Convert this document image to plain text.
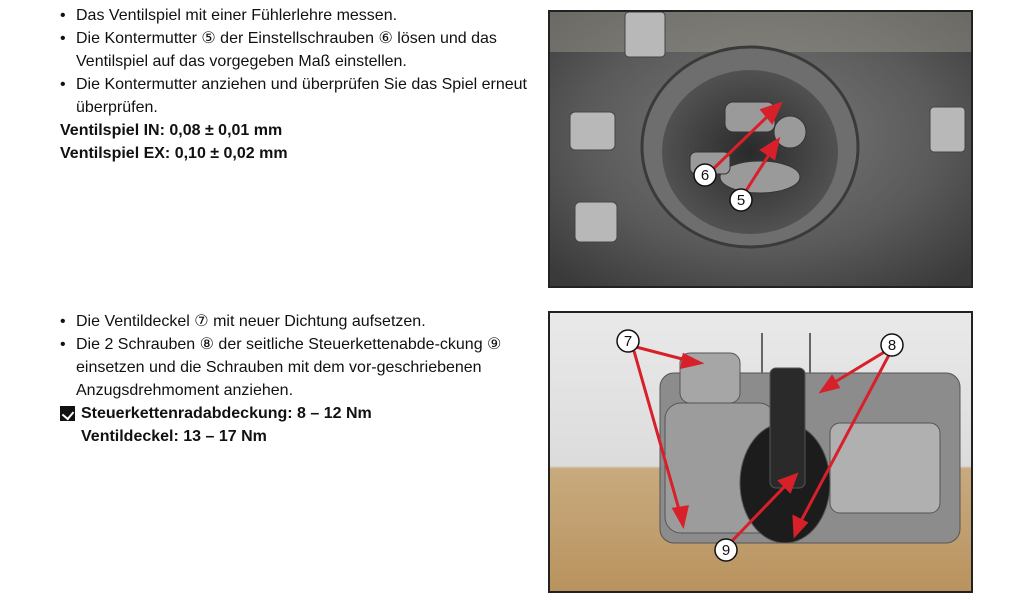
• Das Ventilspiel mit einer Fühlerlehre messen.
• Die Kontermutter ⑤ der Einstellschrauben ⑥ lösen und das Ventilspiel auf das vorgegeben Maß einstellen.
• Die Kontermutter anziehen und überprüfen Sie das Spiel erneut überprüfen.
Ventilspiel IN: 0,08 ± 0,01 mm
Ventilspiel EX: 0,10 ± 0,02 mm
6
5
• Die Ventildeckel ⑦ mit neuer Dichtung aufsetzen.
• Die 2 Schrauben ⑧ der seitliche Steuerkettenabde-ckung ⑨ einsetzen und die Schrauben mit dem vor-geschriebenen Anzugsdrehmoment anziehen.
Steuerkettenradabdeckung: 8 – 12 Nm
Ventildeckel: 13 – 17 Nm
7	8
9
